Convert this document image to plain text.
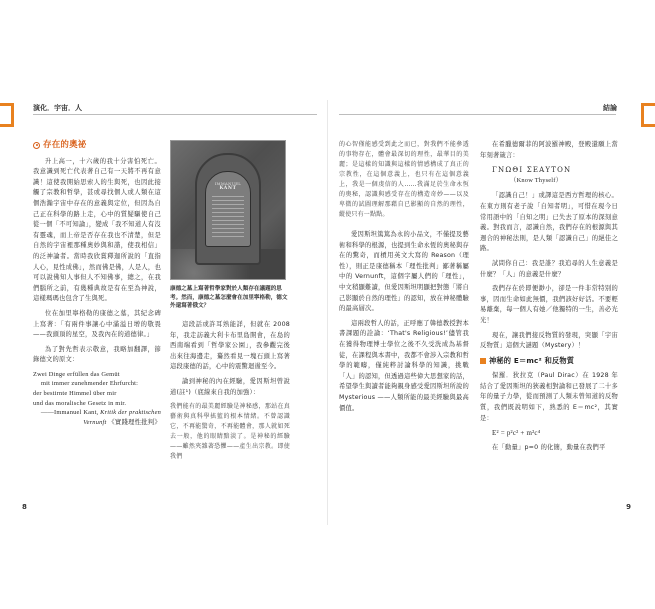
演化．宇宙．人	結論
存在的奧祕

升上高一，十六歲的我十分害怕死亡。我意識到死亡代表著自己有一天將不再有意識！這使我開始思索人的生與死，也因此接觸了宗教和哲學，甚或尋找個人或人類在這個浩瀚宇宙中存在的意義與定位，但因為自己正在科學的路上走，心中的質疑驅使自己從一個「不可知論」，變成「我不知道人有沒有靈魂，而上帝是否存在我也不清楚，但是自然的宇宙裡那種奧妙與和諧，使我相信」的泛神論者。當時我欣賞釋迦所說的「直指人心，見性成佛」，然而佛是佛，人是人，也可以說佛知人事但人不知佛事，總之，在我們腦所之前，有幾種典故是有在至為神說，這樣瑪瑪也包含了生與死。

位在加里寧格勒的康德之墓，其紀念碑上寫著：「有兩件事讓心中滿溢日增的敬畏——我頭頂的星空，及我內在的道德律。」

為了對先哲表示敬意，我略加翻譯，節錄德文的原文：

Zwei Dinge erfüllen das Gemüt
mit immer zunehmender Ehrfurcht:
der bestirnte Himmel über mir
und das moralische Gesetz in mir.
——Immanuel Kant, Kritik der praktischen Vernunft 《實踐理性批判》
IMMANUEL
KANT
康德之墓上寫著哲學家對於人類存在議題的思考。然而，康德之墓怎麼會在加里寧格勒，德文外還寫著俄文？

這段話或許耳熟能詳，但就在 2008 年，我走訪義大利卡布里島開會，在島的西南端看到「哲學家公園」，我參觀完後出來往海邊走，驀然看見一塊石頭上寫著這段康德的話，心中的震驚迴盪至今。

論到神秘的內在經驗，愛因斯坦曾說道(註¹)（底線來自我的加強）：

我們能有的最美麗經驗是神秘感，那站在真藝術與真科學搖籃的根本情緒。不曾認識它，不再能驚奇，不再能體會，那人就如死去一般，他的眼睛黯淡了。是神秘的經驗——雖然夾雜著恐懼——產生出宗教。即使我們

的心智僅能感受到此之而已，對我們不能參透的事物存在，體會最深切的理性，最華目的美麗；是這樣的知識與這樣的情感構成了真正的宗教性，在這個意義上，也只有在這個意義上，我是一個虔信的人……我滿足於生命永恆的奧秘，認識與感受存在的構造奇妙——以及卑微的試圖理解那藉自已影顯的自然的理性，縱使只有一點點。

愛因斯坦篤篤為永的小品文，不僅提及藝術和科學的根源，也提到生命永恆的奧秘與存在的驚奇，而槓用英文大寫的 Reason（理性），則正是康德稱本「理性批判」鄙著稱屬中的 Vernunft，這個字屬人們的「理性」，中文稍顯難讀，但愛因斯坦明顯把對態「將自己影顯於自然的理性」的認知，放在神秘體驗的最高層次。

這兩段哲人的話，正呼應了韓德教授對本書課題的詮論：‘That's Religious!’儘管我在獲得物理博士學位之後不久受洗成為基督徒，在課程與本書中，我都不會涉入宗教和哲學的範疇，僅純粹討論科學的知識，挑戰「人」的認知，但透過這些偉大思想家的話，希望學生與讀者能夠親身感受愛因斯坦所說的 Mysterious ——人類所能的最美經驗與最高價值。

在希臘德爾菲的阿波羅神殿，登殿還願上當年刻著箴言：

ΓΝΩΘΙ ΣΕΑΥΤΟΝ
（Know Thyself）

「認識自己！」或譯這是西方哲理的核心。在東方則有老子說「自知者明」，可惜在現今日常用語中的「自知之明」已失去了原本的深刻意義。對我而言，認識自然，我們存在的根源與其週合的神秘法則，是人類「認識自己」的絕佳之路。

試問你自己：我是誰？我追尋的人生意義是什麼？「人」的意義是什麼？

我們存在於即便渺小，卻是一件非常特別的事，因而生命如此無價，我們該好好活。不要輕易離棄，每一個人有她／他獨特的一生，善必光光！

現在，讓我們接反物質的發現，突顯「宇宙反物質」這個大謎題（Mystery）！

神秘的 E＝mc² 和反物質

保羅．狄拉克（Paul Dirac）在 1928 年結合了愛因斯坦的狹義相對論和已發展了二十多年的量子力學，從而預測了人類未曾知道的反物質，我們既說明如下，熟悉的 E＝mc²，其實是：

E² = p²c² + m²c⁴

在「動量」p=0 的化簡，動量在我們平

8	9
